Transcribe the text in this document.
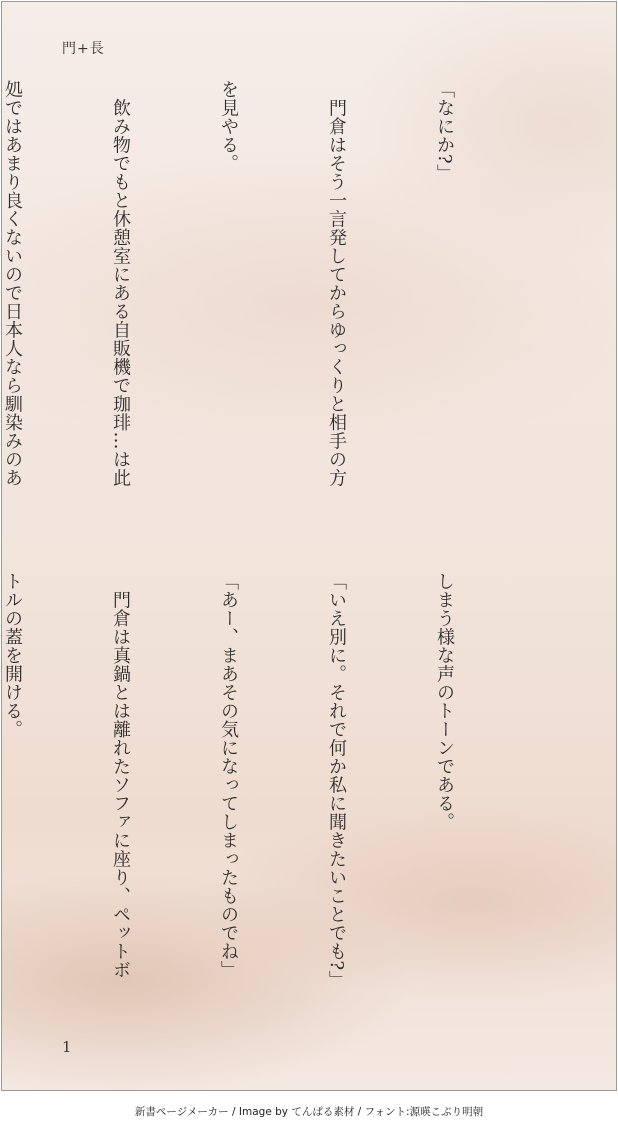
門+長

「なにか?」

　門倉はそう一言発してからゆっくりと相手の方

を見やる。

　飲み物でもと休憩室にある自販機で珈琲…は此

処ではあまり良くないので日本人なら馴染みのあ

しまう様な声のトーンである。

「いえ別に。それで何か私に聞きたいことでも?」

「あー、まあその気になってしまったものでね」

　門倉は真鍋とは離れたソファに座り、ペットボ

トルの蓋を開ける。

1
新書ページメーカー / Image by てんぱる素材 / フォント:源暎こぶり明朝
